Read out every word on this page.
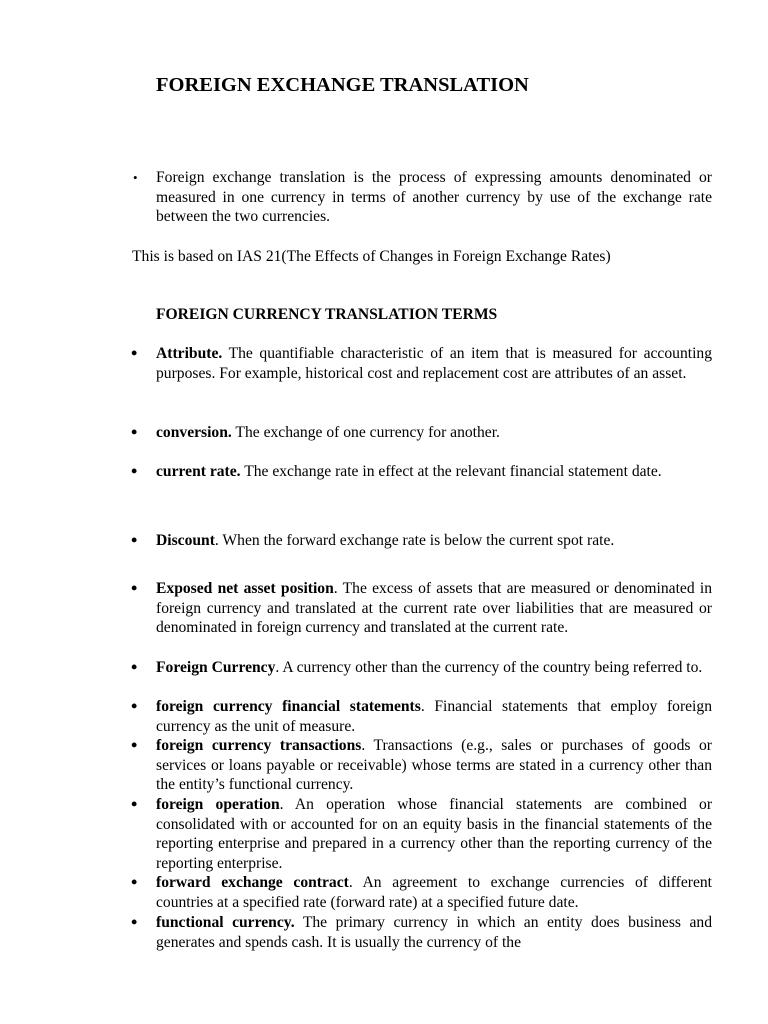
FOREIGN EXCHANGE TRANSLATION
• Foreign exchange translation is the process of expressing amounts denominated or measured in one currency in terms of another currency by use of the exchange rate between the two currencies.
This is based on IAS 21(The Effects of Changes in Foreign Exchange Rates)
FOREIGN CURRENCY TRANSLATION TERMS
• Attribute. The quantifiable characteristic of an item that is measured for accounting purposes. For example, historical cost and replacement cost are attributes of an asset.
• conversion. The exchange of one currency for another.
• current rate. The exchange rate in effect at the relevant financial statement date.
• Discount. When the forward exchange rate is below the current spot rate.
• Exposed net asset position. The excess of assets that are measured or denominated in foreign currency and translated at the current rate over liabilities that are measured or denominated in foreign currency and translated at the current rate.
• Foreign Currency. A currency other than the currency of the country being referred to.
• foreign currency financial statements. Financial statements that employ foreign currency as the unit of measure.
• foreign currency transactions. Transactions (e.g., sales or purchases of goods or services or loans payable or receivable) whose terms are stated in a currency other than the entity’s functional currency.
• foreign operation. An operation whose financial statements are combined or consolidated with or accounted for on an equity basis in the financial statements of the reporting enterprise and prepared in a currency other than the reporting currency of the reporting enterprise.
• forward exchange contract. An agreement to exchange currencies of different countries at a specified rate (forward rate) at a specified future date.
• functional currency. The primary currency in which an entity does business and generates and spends cash. It is usually the currency of the
